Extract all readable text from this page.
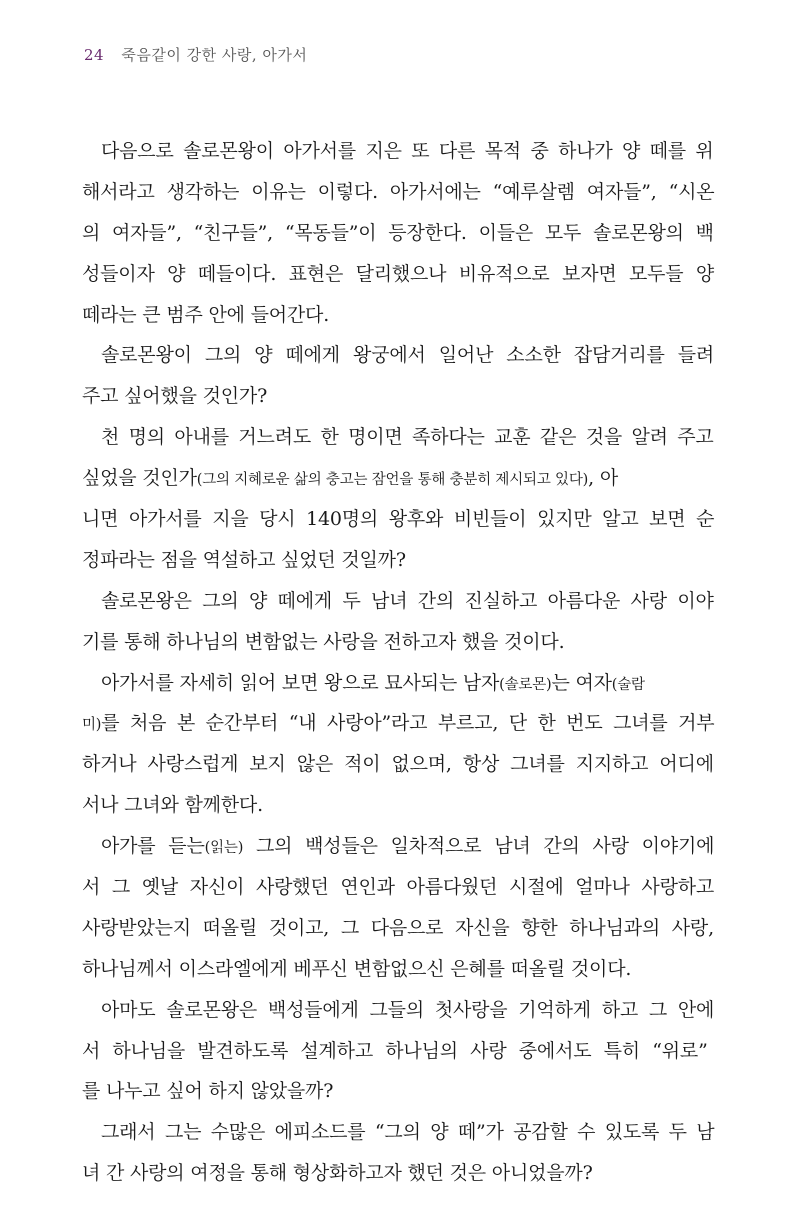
24 죽음같이 강한 사랑, 아가서
다음으로 솔로몬왕이 아가서를 지은 또 다른 목적 중 하나가 양 떼를 위
해서라고 생각하는 이유는 이렇다. 아가서에는 “예루살렘 여자들”, “시온
의 여자들”, “친구들”, “목동들”이 등장한다. 이들은 모두 솔로몬왕의 백
성들이자 양 떼들이다. 표현은 달리했으나 비유적으로 보자면 모두들 양
떼라는 큰 범주 안에 들어간다.
솔로몬왕이 그의 양 떼에게 왕궁에서 일어난 소소한 잡담거리를 들려
주고 싶어했을 것인가?
천 명의 아내를 거느려도 한 명이면 족하다는 교훈 같은 것을 알려 주고
싶었을 것인가(그의 지혜로운 삶의 충고는 잠언을 통해 충분히 제시되고 있다), 아
니면 아가서를 지을 당시 140명의 왕후와 비빈들이 있지만 알고 보면 순
정파라는 점을 역설하고 싶었던 것일까?
솔로몬왕은 그의 양 떼에게 두 남녀 간의 진실하고 아름다운 사랑 이야
기를 통해 하나님의 변함없는 사랑을 전하고자 했을 것이다.
아가서를 자세히 읽어 보면 왕으로 묘사되는 남자(솔로몬)는 여자(술람
미)를 처음 본 순간부터 “내 사랑아”라고 부르고, 단 한 번도 그녀를 거부
하거나 사랑스럽게 보지 않은 적이 없으며, 항상 그녀를 지지하고 어디에
서나 그녀와 함께한다.
아가를 듣는(읽는) 그의 백성들은 일차적으로 남녀 간의 사랑 이야기에
서 그 옛날 자신이 사랑했던 연인과 아름다웠던 시절에 얼마나 사랑하고
사랑받았는지 떠올릴 것이고, 그 다음으로 자신을 향한 하나님과의 사랑,
하나님께서 이스라엘에게 베푸신 변함없으신 은혜를 떠올릴 것이다.
아마도 솔로몬왕은 백성들에게 그들의 첫사랑을 기억하게 하고 그 안에
서 하나님을 발견하도록 설계하고 하나님의 사랑 중에서도 특히 “위로”
를 나누고 싶어 하지 않았을까?
그래서 그는 수많은 에피소드를 “그의 양 떼”가 공감할 수 있도록 두 남
녀 간 사랑의 여정을 통해 형상화하고자 했던 것은 아니었을까?
